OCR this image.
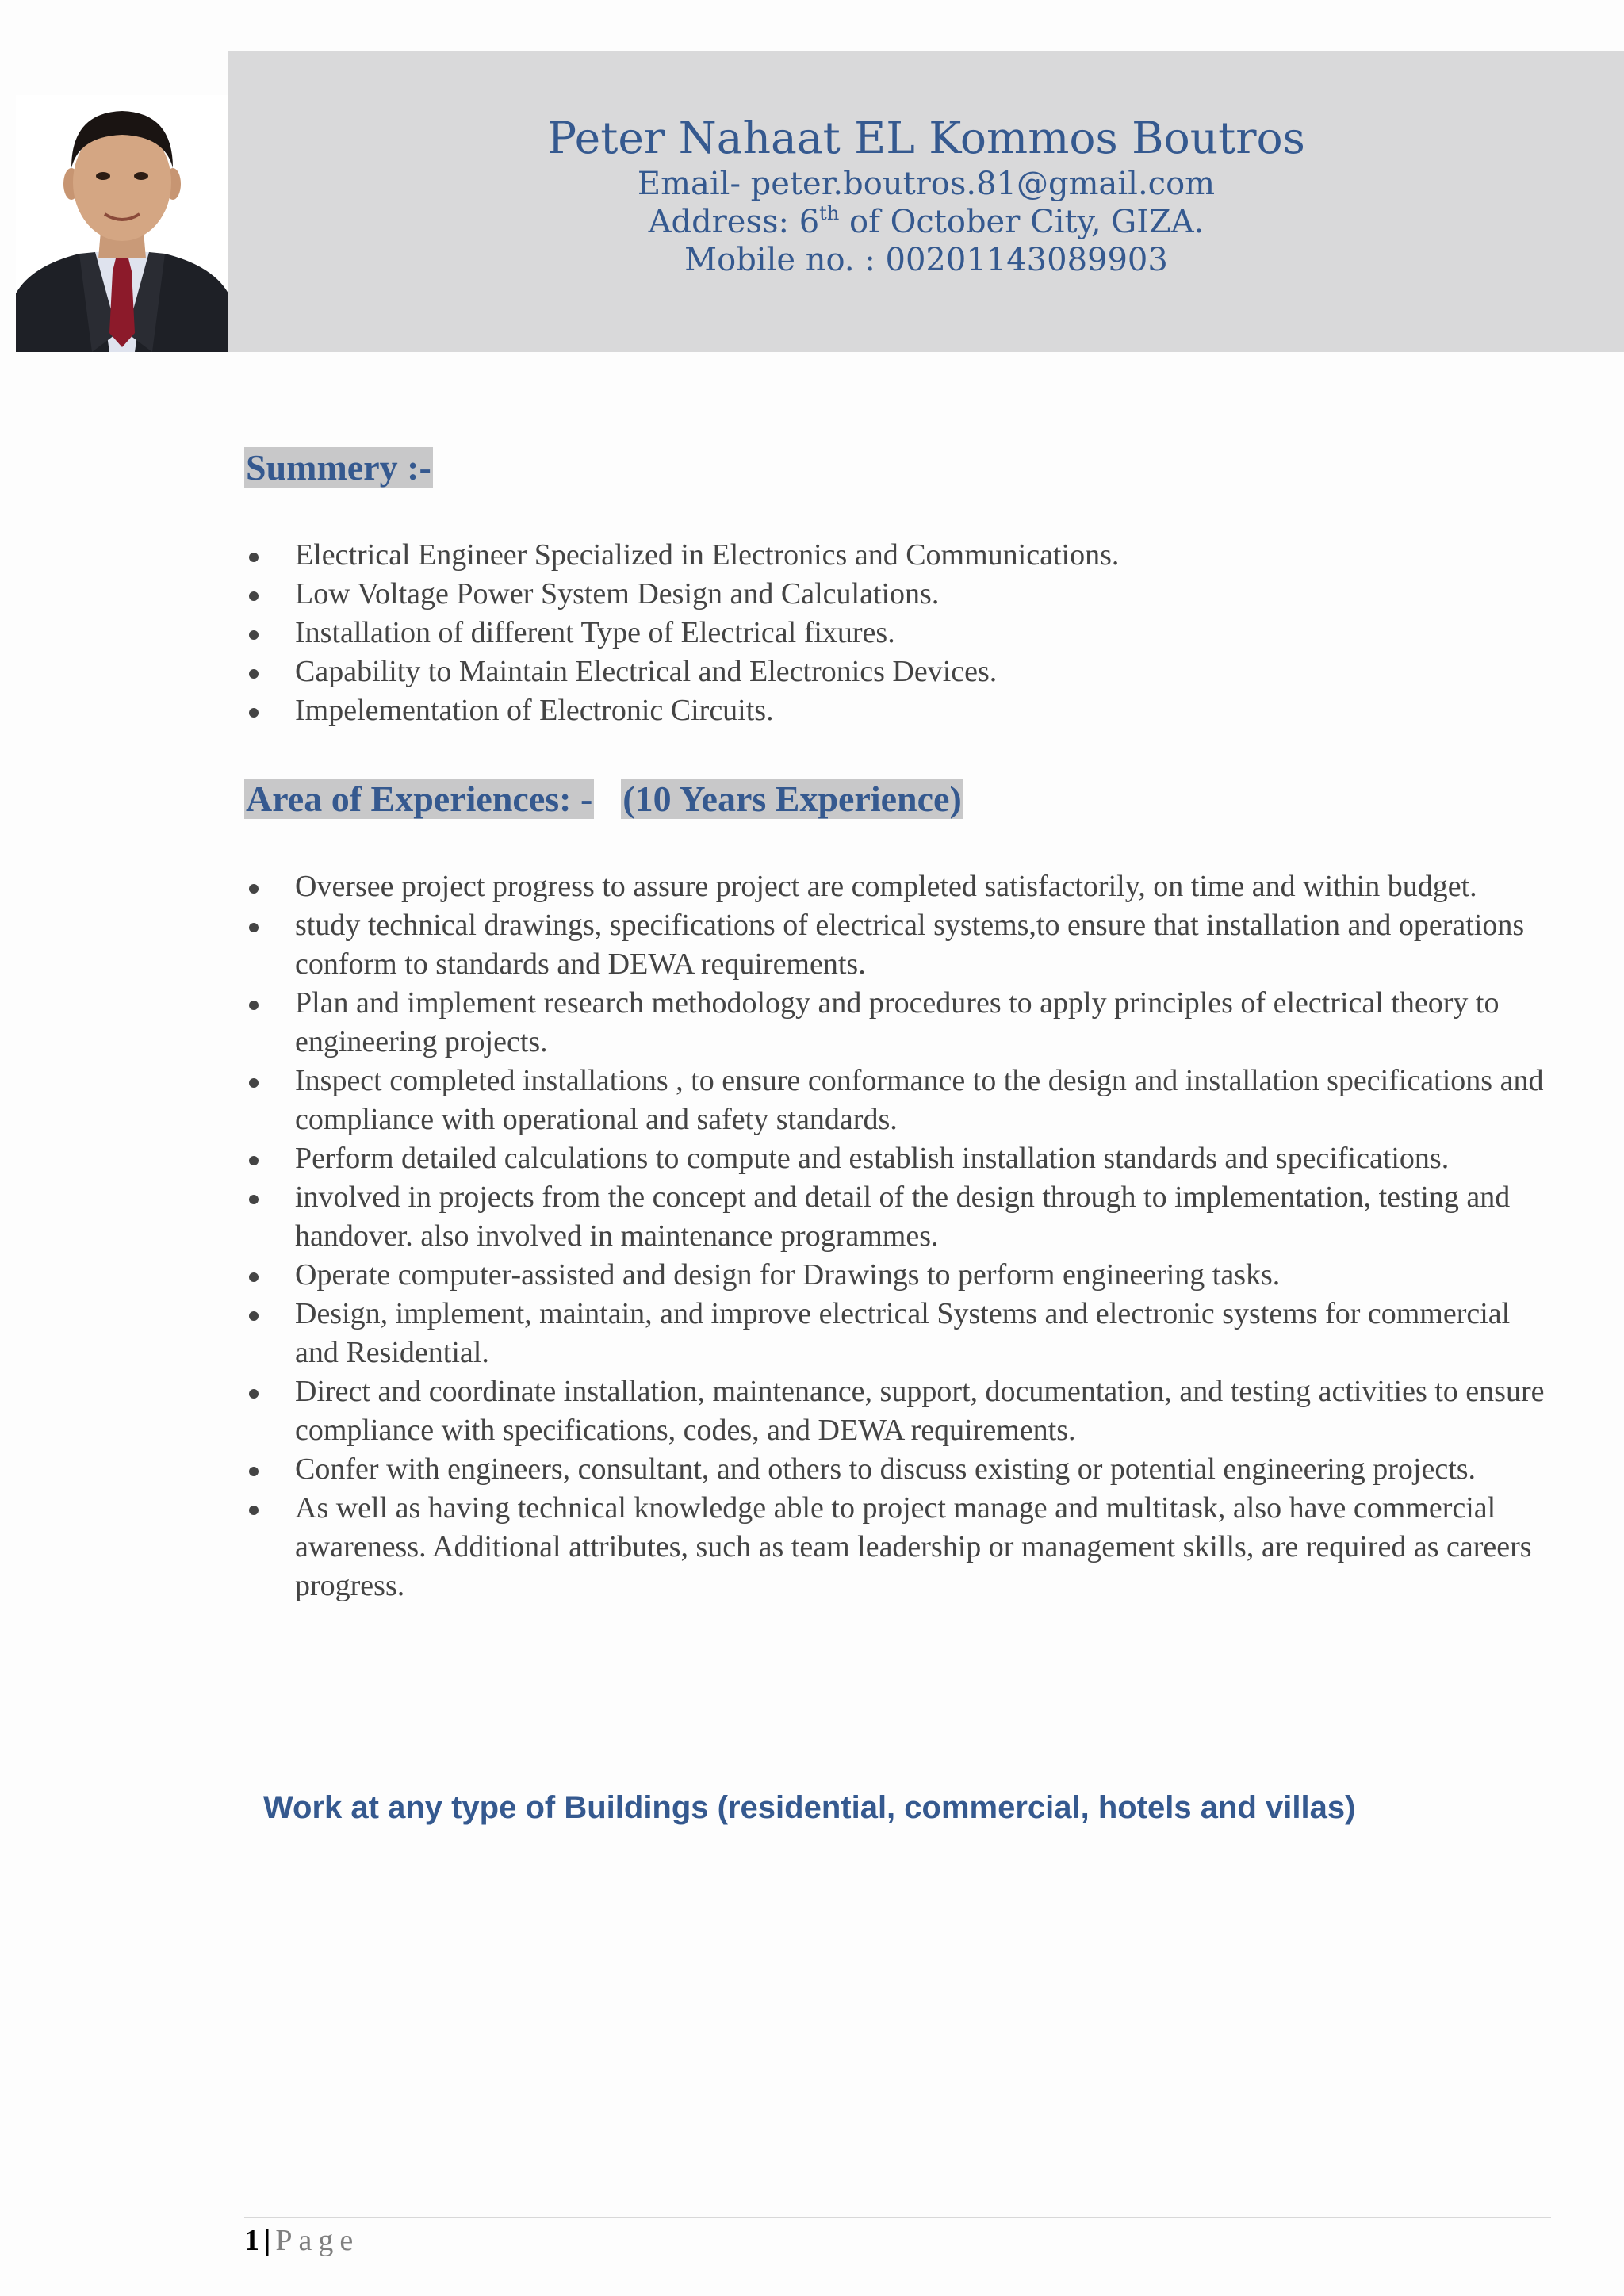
Peter Nahaat EL Kommos Boutros
Email- peter.boutros.81@gmail.com
Address: 6th of October City, GIZA.
Mobile no. : 00201143089903
Summery :-
Electrical Engineer Specialized in Electronics and Communications.
Low Voltage Power System Design and Calculations.
Installation of different Type of Electrical fixures.
Capability to Maintain Electrical and Electronics Devices.
Impelementation of Electronic Circuits.
Area of Experiences: - (10 Years Experience)
Oversee project progress to assure project are completed satisfactorily, on time and within budget.
study technical drawings, specifications of electrical systems,to ensure that installation and operations conform to standards and DEWA requirements.
Plan and implement research methodology and procedures to apply principles of electrical theory to engineering projects.
Inspect completed installations , to ensure conformance to the design and installation specifications and compliance with operational and safety standards.
Perform detailed calculations to compute and establish installation standards and specifications.
involved in projects from the concept and detail of the design through to implementation, testing and handover. also involved in maintenance programmes.
Operate computer-assisted and design for Drawings to perform engineering tasks.
Design, implement, maintain, and improve electrical Systems and electronic systems for commercial and Residential.
Direct and coordinate installation, maintenance, support, documentation, and testing activities to ensure compliance with specifications, codes, and DEWA requirements.
Confer with engineers, consultant, and others to discuss existing or potential engineering projects.
As well as having technical knowledge able to project manage and multitask, also have commercial awareness. Additional attributes, such as team leadership or management skills, are required as careers progress.
Work at any type of Buildings (residential, commercial, hotels and villas)
1 | Page
